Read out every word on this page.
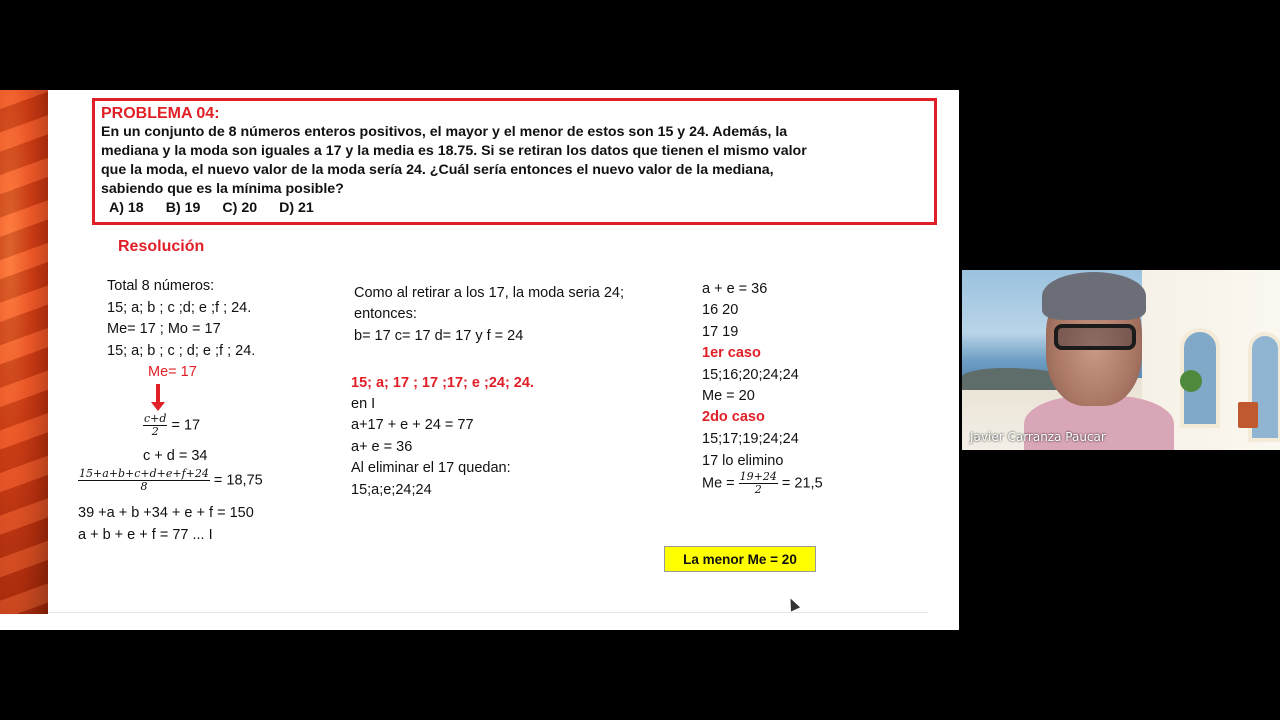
PROBLEMA 04:
En un conjunto de 8 números enteros positivos, el mayor y el menor de estos son 15 y 24. Además, la
mediana y la moda son iguales a 17 y la media es 18.75. Si se retiran los datos que tienen el mismo valor
que la moda, el nuevo valor de la moda sería 24. ¿Cuál sería entonces el nuevo valor de la mediana,
sabiendo que es la mínima posible?
A) 18 B) 19 C) 20 D) 21
Resolución
Total 8 números:
15; a; b ; c ;d; e ;f ; 24.
Me= 17 ; Mo = 17
15; a; b ; c ; d; e ;f ; 24.
Me= 17
$\frac{c+d}{2} = 17$
c + d = 34
$\frac{15+a+b+c+d+e+f+24}{8} = 18,75$
39 +a + b +34 + e + f = 150
a + b + e + f = 77 ... I
Como al retirar a los 17, la moda seria 24;
entonces:
b= 17 c= 17 d= 17 y f = 24
15; a; 17 ; 17 ;17; e ;24; 24.
en I
a+17 + e + 24 = 77
a+ e = 36
Al eliminar el 17 quedan:
15;a;e;24;24
a + e = 36
16 20
17 19
1er caso
15;16;20;24;24
Me = 20
2do caso
15;17;19;24;24
17 lo elimino
$Me = \frac{19+24}{2} = 21,5$
La menor Me = 20
Javier Carranza Paucar
